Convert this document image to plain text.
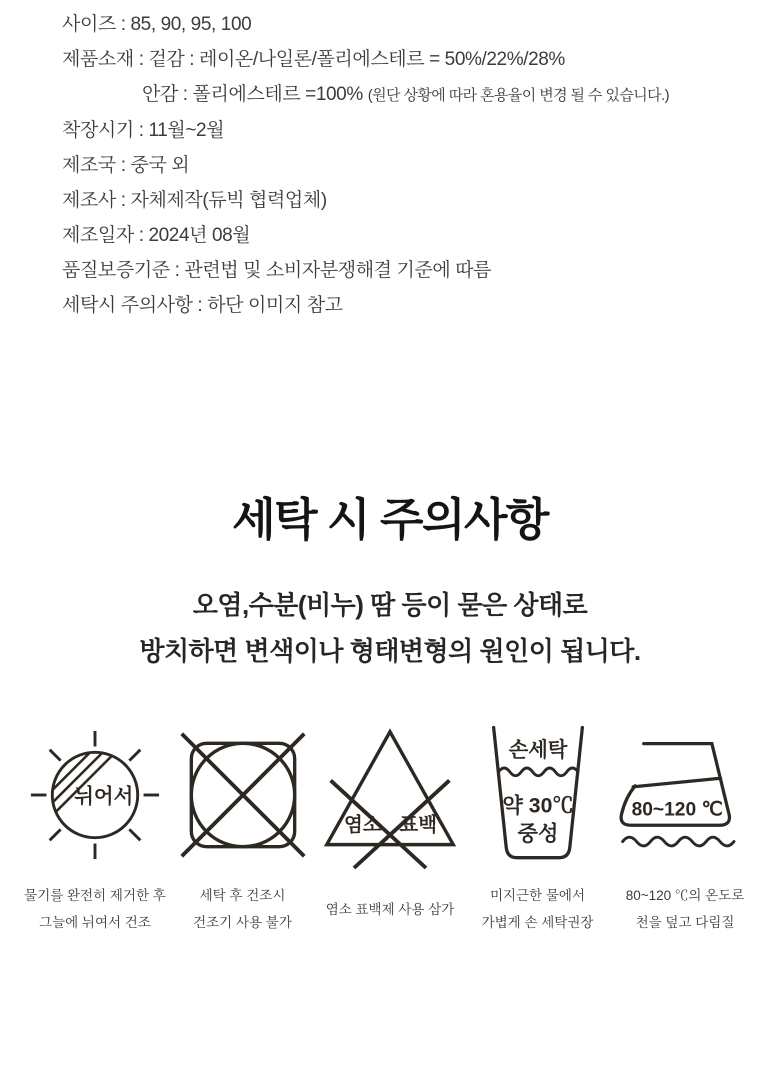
사이즈 : 85, 90, 95, 100
제품소재 : 겉감 : 레이온/나일론/폴리에스테르 = 50%/22%/28%
안감 : 폴리에스테르 =100% (원단 상황에 따라 혼용율이 변경 될 수 있습니다.)
착장시기 : 11월~2월
제조국 : 중국 외
제조사 : 자체제작(듀빅 협력업체)
제조일자 : 2024년 08월
품질보증기준 : 관련법 및 소비자분쟁해결 기준에 따름
세탁시 주의사항 : 하단 이미지 참고
세탁 시 주의사항
오염,수분(비누) 땀 등이 묻은 상태로
방치하면 변색이나 형태변형의 원인이 됩니다.
뉘어서
물기를 완전히 제거한 후
그늘에 뉘여서 건조
세탁 후 건조시
건조기 사용 불가
염소 표백
염소 표백제 사용 삼가
손세탁
약 30℃
중성
미지근한 물에서
가볍게 손 세탁권장
80~120 ℃
80~120 ℃의 온도로
천을 덮고 다림질
